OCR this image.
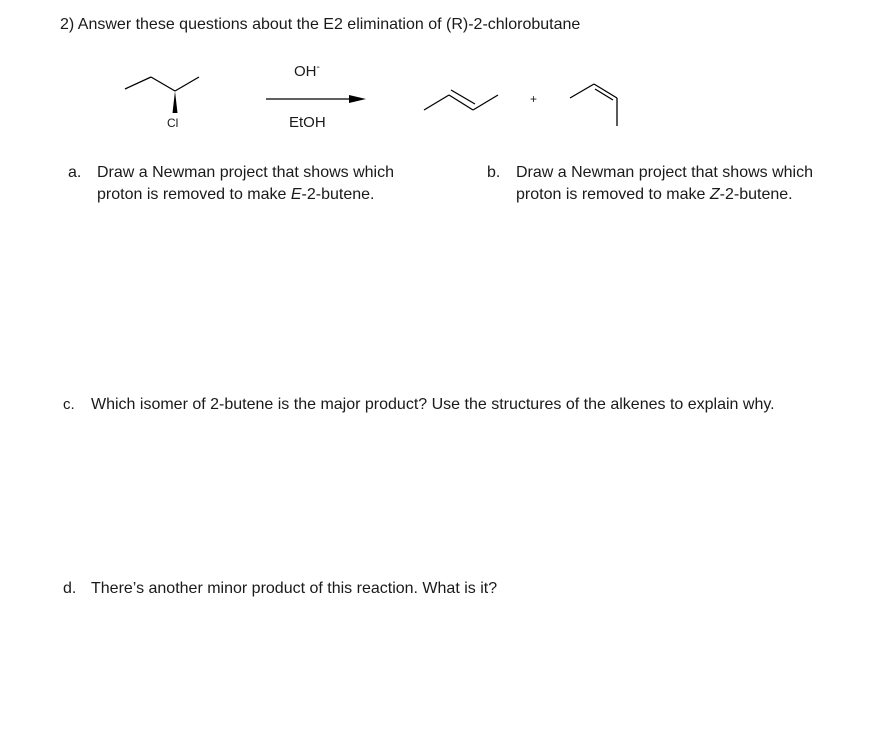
2) Answer these questions about the E2 elimination of (R)-2-chlorobutane
OH-
EtOH
Cl
+
a. Draw a Newman project that shows which
proton is removed to make E-2-butene.
b. Draw a Newman project that shows which
proton is removed to make Z-2-butene.
c. Which isomer of 2-butene is the major product? Use the structures of the alkenes to explain why.
d. There’s another minor product of this reaction. What is it?
